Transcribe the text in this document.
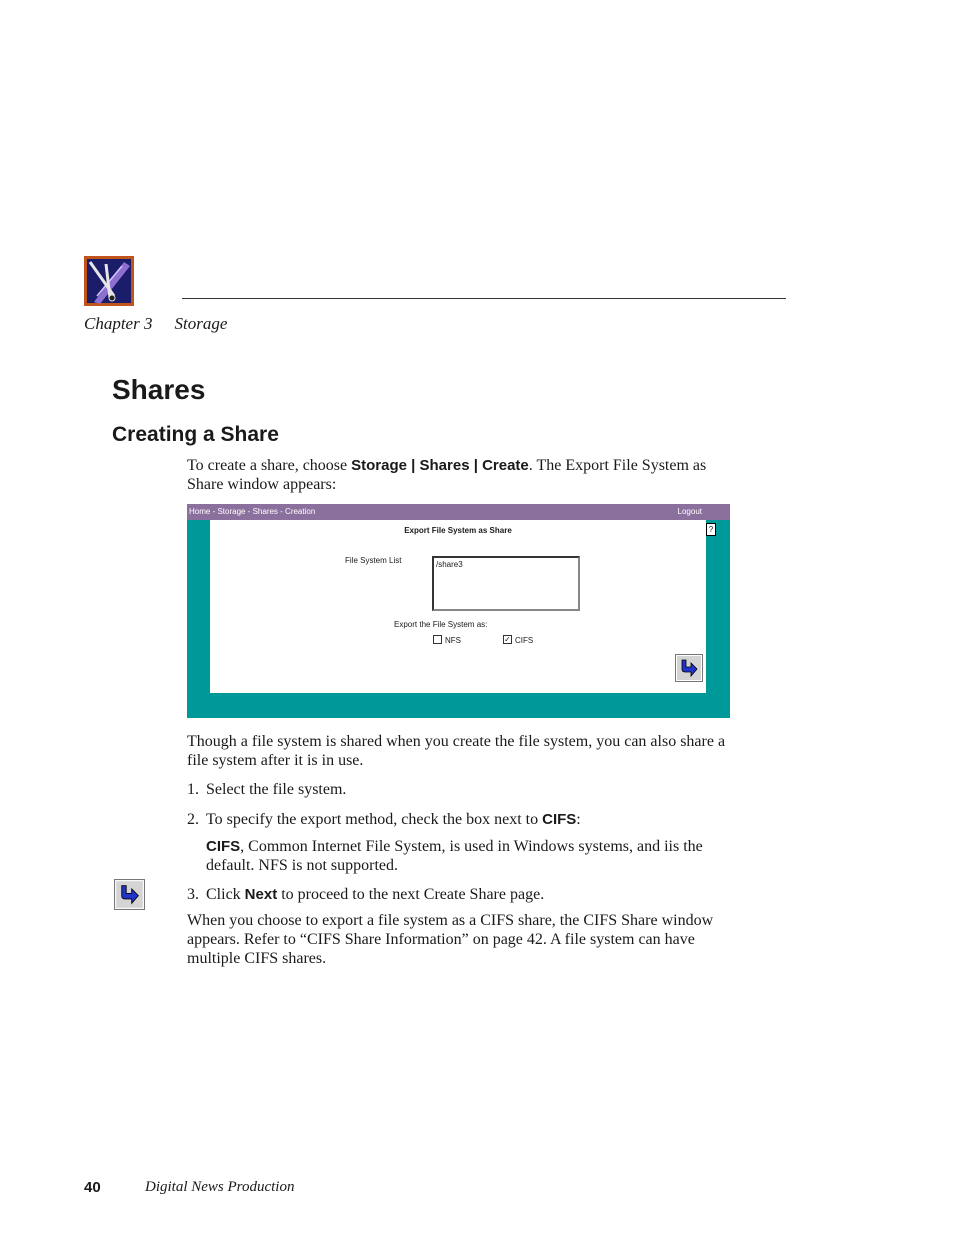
Chapter 3 Storage
Shares
Creating a Share
To create a share, choose Storage | Shares | Create. The Export File System as Share window appears:
Home - Storage - Shares - Creation	Logout
?
Export File System as Share
File System List	/share3
Export the File System as:
NFS	✓ CIFS
Though a file system is shared when you create the file system, you can also share a file system after it is in use.
1. Select the file system.
2. To specify the export method, check the box next to CIFS:
CIFS, Common Internet File System, is used in Windows systems, and iis the default. NFS is not supported.
3. Click Next to proceed to the next Create Share page.
When you choose to export a file system as a CIFS share, the CIFS Share window appears. Refer to “CIFS Share Information” on page 42. A file system can have multiple CIFS shares.
40	Digital News Production
